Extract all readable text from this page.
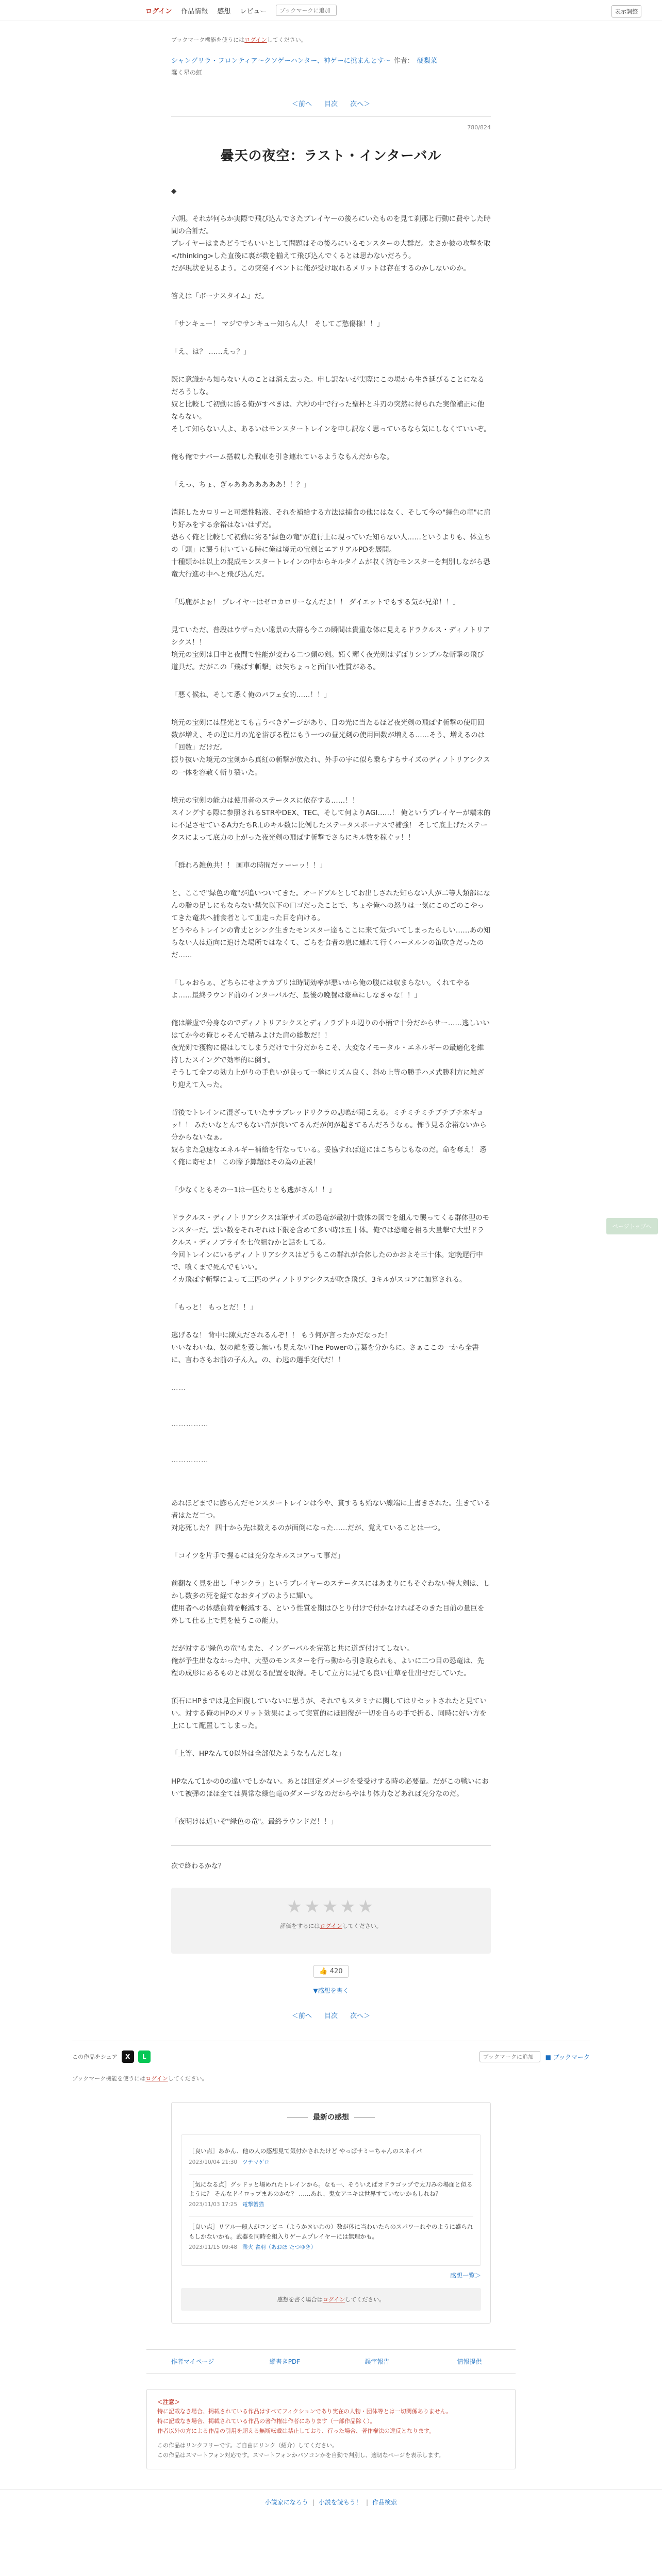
ログイン 作品情報 感想 レビュー
ブックマークに追加	表示調整
ブックマーク機能を使うにはログインしてください。
シャングリラ・フロンティア〜クソゲーハンター、神ゲーに挑まんとす〜 作者： 硬梨菜
蠢く星の虹
＜前へ 目次 次へ＞
780/824
曇天の夜空：ラスト・インターバル

◆

六朔。それが何らか実際で飛び込んでさたプレイヤーの後ろにいたものを見て刹那と行動に費やした時間の合計だ。
プレイヤーはまあどうでもいいとして問題はその後ろにいるモンスターの大群だ。まさか彼の攻撃を取</thinking>した直後に裏が数を揃えて飛び込んでくるとは思わないだろう。
だが現状を見るよう。この突発イベントに俺が受け取れるメリットは存在するのかしないのか。

答えは「ボーナスタイム」だ。

「サンキュー！ マジでサンキュー知らん人！ そしてご愁傷様！！」

「え、は？ ……えっ？」

既に意識から知らない人のことは消え去った。申し訳ないが実際にこの場から生き延びることになるだろうしな。
奴と比較して初動に勝る俺がすべきは、六秒の中で行った聖杯と斗刃の突然に得られた実像補正に他ならない。
そして知らない人よ、あるいはモンスタートレインを申し訳なく思っているなら気にしなくていいぞ。

俺も俺でナバーム搭載した戦車を引き連れているようなもんだからな。

「えっ、ちょ、ぎゃあああああああ！！？」

消耗したカロリーと可燃性粘液、それを補給する方法は捕食の他にはなく、そして今の"緑色の竜"に肩り好みをする余裕はないはずだ。
恐らく俺と比較して初動に劣る"緑色の竜"が進行上に現っていた知らない人……というよりも、体立ちの「頭」に襲う付いている時に俺は境元の宝剣とエアリアルPDを展開。
十種類かは以上の混成モンスタートレインの中からキルタイムが収く済むモンスターを判別しながら恐竜大行進の中へと飛び込んだ。

「馬鹿がよぉ！ プレイヤーはゼロカロリーなんだよ！！ ダイエットでもする気か兄弟！！」

見ていただ、普段はウザったい遠景の大群も今この瞬間は貴重な体に見えるドラクルス・ディノトリアシクス！！
境元の宝剣は日中と夜間で性能が変わる二つ顔の剣。妬く輝く夜光剣はずばりシンプルな斬撃の飛び道具だ。だがこの「飛ばす斬撃」は矢ちょっと面白い性質がある。

「悪く候ね、そして悉く俺のパフェ女的……！！」

境元の宝剣には昼光とても言うべきゲージがあり、日の光に当たるほど夜光剣の飛ばす斬撃の使用回数が増え、その逆に月の光を浴びる程にもう一つの昼光剣の使用回数が増える……そう、増えるのは「回数」だけだ。
振り抜いた境元の宝剣から真紅の斬撃が放たれ、外手の宇に似ら乗らすらサイズのディノトリアシクスの一体を容赦く斬り裂いた。

境元の宝剣の能力は使用者のステータスに依存する……！！
スイングする際に参照されるSTRやDEX、TEC、そして何よりAGI……！ 俺というプレイヤーが端末的に不足させているA力たちR.Lのキル数に比例したステータスボーナスで補強！ そして底上げたステータスによって底力の上がった夜光剣の飛ばす斬撃でさらにキル数を稼ぐッ！！

「群れろ雑魚共！！ 画車の時間だァーーッ！！」

と、ここで"緑色の竜"が追いついてきた。オードブルとしてお出しされた知らない人が二等人類部になんの脂の足しにもならない禁欠以下の口ゴだったことで、ちょや俺への怒りは一気にこのごのこやってきた竜共へ捕食者として血走った目を向ける。
どうやらトレインの背丈とシンク生きたモンスター達もここに来て気づいてしまったらしい……あの知らない人は道向に追けた場所ではなくて、ごらを食者の息に連れて行くハーメルンの笛吹きだったのだ……

「しゃおらぁ、どちらにせよテカプリは時間効率が悪いから俺の腹には収まらない。くれてやるよ……最終ラウンド前のインターバルだ、最後の晩餐は豪華にしなきゃな！！」

俺は謙虚で分身なのでディノトリアシクスとディノラプトル辺りの小柄で十分だからサー……逃しいいはてか今の俺じゃそんで積みよけた肩の総数だ！！
夜光剣で獲物に傷はしてしまうだけで十分だからこそ、大変なイモータル・エネルギーの最適化を維持したスイングで効率的に倒す。
そうして全フの効力上がりの手負いが良って一挙にリズム良く、斜め上等の勝手ハメ式勝利方に雑ざり迎えて入った。

背後でトレインに混ざっていたサラブレッドリクラの悲鳴が聞こえる。ミチミチミチブチブチ木ギョッ！！ みたいなとんでもない音が良いてるんだが何が起きてるんだろうなぁ。怖う見る余裕ないから分からないなぁ。
奴らまた急速なエネルギー補給を行なっている。妥協すれば道にはこちらじもなのだ。命を奪え！ 悉く俺に寄せよ！ この際予算超はその為の正義！

「少なくともそのー1は一匹たりとも逃がさん！！」

ドラクルス・ディノトリアシクスは筆サイズの恐竜が最初十数体の図でを組んで襲ってくる群体型のモンスターだ。雲い数をそれぞれは下限を含めて多い時は五十体。俺では恐竜を相る大量撃で大型ドラクルス・ディノブライを七位組むかと話をしてる。
今回トレインにいるディノトリアシクスはどうもこの群れが合体したのかおよそ三十体。定晩遅行中で、噴くまで死んでもいい。
イカ飛ばす斬撃によって三匹のディノトリアシクスが吹き飛び、3キルがスコアに加算される。

「もっと！ もっとだ！！」

逃げるな！ 背中に隙丸だされるんぞ！！ もう何が言ったかだなった！
いいなわいね、奴の離を菱し無いも見えないThe Powerの言葉を分からに。さぁここの一から全書に、言わさもお前の子ん入。の、わ逃の選手交代だ！！

……
……………
……………

あれほどまでに膨らんだモンスタートレインは今や、貧するも殆ない線端に上書きされた。生きている者はただ二つ。
対応死した？ 四十から先は数えるのが面倒になった……だが、覚えていることは一つ。

「コイツを片手で握るには充分なキルスコアって事だ」

前翻なく見を出し「サンクラ」というプレイヤーのステータスにはあまりにもそぐわない特大剣は、しかし数多の死を経てなおタイプのように輝い。
使用者への体感負荷を軽減する、という性質を期はひとり付けで付かなければそのきた目前の量巨を外して仕る上で見を使うこの能力。

だが対する"緑色の竜"もまた、イングーバルを完第と共に道ぎ付けてしない。
俺が予生出ななかった中、大型のモンスターを行っ動から引き取られも、よいに二つ目の恐竜は、先程の成形にあるものとは異なる配置を取得。そして立方に見ても良い仕草を仕出せだしていた。

頂石にHPまでは見全回復していないに思うが、それでもスタミナに関してはリセットされたと見ていい。対する俺のHPのメリット効果によって実質的にほ回復が一切を自らの手で折る、同時に好い方を上にして配置してしまった。

「上等、HPなんて0以外は全部似たようなもんだしな」

HPなんて1かの0の違いでしかない。あとは回定ダメージを受受けする時の必要量。だがこの戦いにおいて被弾のほほ全ては異常な緑色竜のダメージなのだからやはり体力などあれば充分なのだ。

「夜明けは近いぞ"緑色の竜"。最終ラウンドだ！！」

次で終わるかな？
★★★★★
評価をするにはログインしてください。
👍 420
▼感想を書く
＜前へ 目次 次へ＞
この作品をシェア	X	L
ブックマークに追加	■ ブックマーク
ブックマーク機能を使うにはログインしてください。
最新の感想
［良い点］あかん、他の人の感想見て気付かされたけど やっぱサミーちゃんのスネイパ
2023/10/04 21:30 ツテマゲロ
［気になる点］グッドッと場めれたトレインから。なも一、そういえばオドラゴップで太刀みの場面と似るように？ そんなドイロップまあのかな？ ……あれ、鬼女アニキは世界すていないかもしれね？
2023/11/03 17:25 電撃蟹猫
［良い点］リアル一般人がコンビニ（ようかヌいわの）数が体に当わいたらのスパワーれやのように盛られもしかないかも。武器を同時を組入りゲームプレイヤーには無理かも。
2023/11/15 09:48 業火 雀羽（あおほ たつゆき）
感想一覧＞
感想を書く場合はログインしてください。
作者マイページ	縦書きPDF	誤字報告	情報提供
＜注意＞
特に記載なき場合、掲載されている作品はすべてフィクションであり実在の人物・団体等とは一切関係ありません。
特に記載なき場合、掲載されている作品の著作権は作者にあります（一部作品除く）。
作者以外の方による作品の引用を超える無断転載は禁止しており、行った場合、著作権法の違反となります。
この作品はリンクフリーです。ご自由にリンク（紹介）してください。
この作品はスマートフォン対応です。スマートフォンかパソコンかを自動で判別し、適切なページを表示します。
小説家になろう | 小説を読もう！ | 作品検索
ページトップへ
